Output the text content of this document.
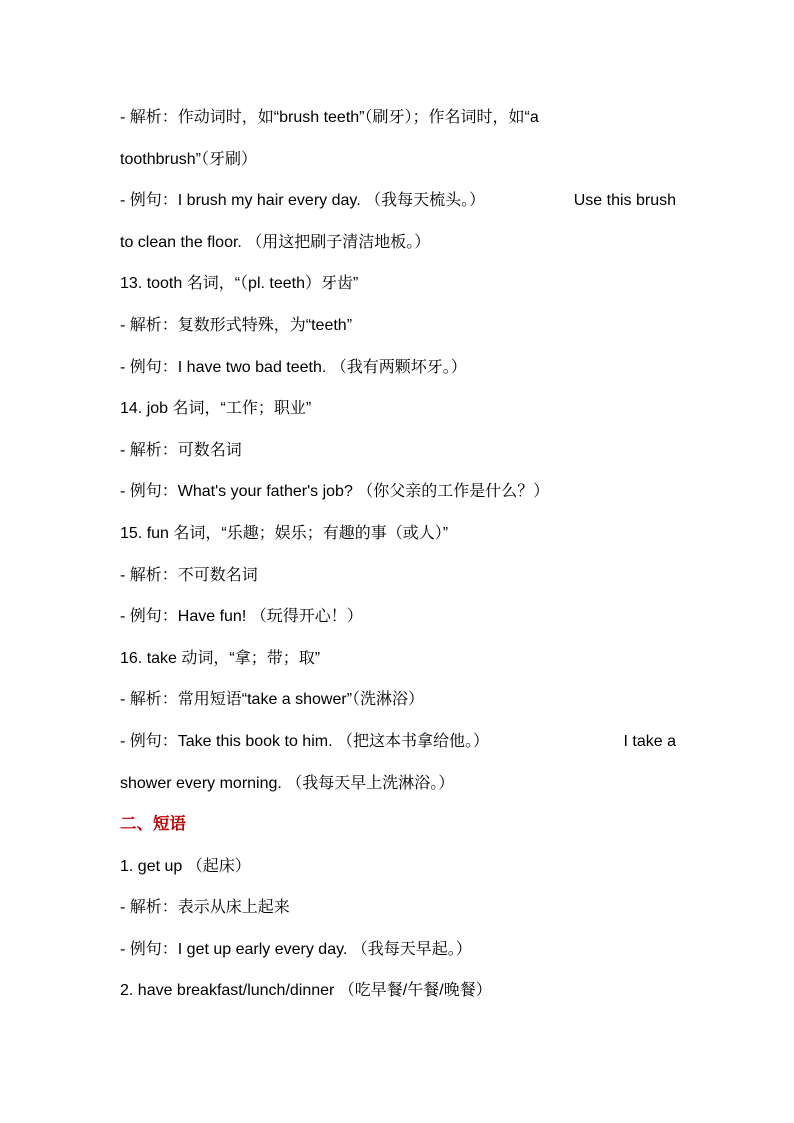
- 解析：作动词时，如“brush teeth”（刷牙）；作名词时，如“a
toothbrush”（牙刷）
- 例句：I brush my hair every day. （我每天梳头。）	Use this brush
to clean the floor. （用这把刷子清洁地板。）
13. tooth 名词，“（pl. teeth）牙齿”
- 解析：复数形式特殊，为“teeth”
- 例句：I have two bad teeth. （我有两颗坏牙。）
14. job 名词，“工作；职业”
- 解析：可数名词
- 例句：What's your father's job? （你父亲的工作是什么？）
15. fun 名词，“乐趣；娱乐；有趣的事（或人）”
- 解析：不可数名词
- 例句：Have fun! （玩得开心！）
16. take 动词，“拿；带；取”
- 解析：常用短语“take a shower”（洗淋浴）
- 例句：Take this book to him. （把这本书拿给他。）	I take a
shower every morning. （我每天早上洗淋浴。）
二、短语
1. get up （起床）
- 解析：表示从床上起来
- 例句：I get up early every day. （我每天早起。）
2. have breakfast/lunch/dinner （吃早餐/午餐/晚餐）
